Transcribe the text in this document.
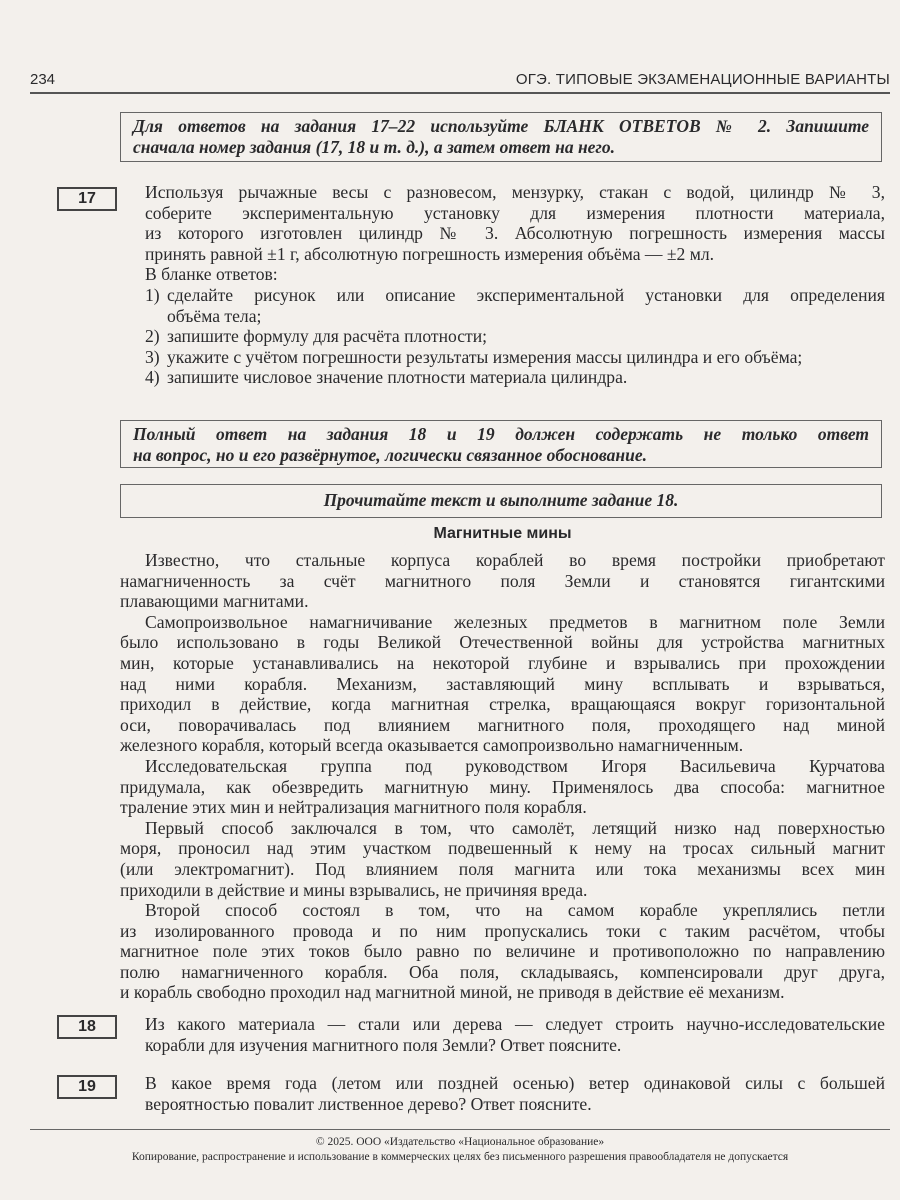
234	ОГЭ. ТИПОВЫЕ ЭКЗАМЕНАЦИОННЫЕ ВАРИАНТЫ
Для ответов на задания 17–22 используйте БЛАНК ОТВЕТОВ № 2. Запишите
сначала номер задания (17, 18 и т. д.), а затем ответ на него.
17	Используя рычажные весы с разновесом, мензурку, стакан с водой, цилиндр № 3,
соберите экспериментальную установку для измерения плотности материала,
из которого изготовлен цилиндр № 3. Абсолютную погрешность измерения массы
принять равной ±1 г, абсолютную погрешность измерения объёма — ±2 мл.
В бланке ответов:
1) сделайте рисунок или описание экспериментальной установки для определения
объёма тела;
2) запишите формулу для расчёта плотности;
3) укажите с учётом погрешности результаты измерения массы цилиндра и его объёма;
4) запишите числовое значение плотности материала цилиндра.
Полный ответ на задания 18 и 19 должен содержать не только ответ
на вопрос, но и его развёрнутое, логически связанное обоснование.
Прочитайте текст и выполните задание 18.
Магнитные мины
Известно, что стальные корпуса кораблей во время постройки приобретают
намагниченность за счёт магнитного поля Земли и становятся гигантскими
плавающими магнитами.
Самопроизвольное намагничивание железных предметов в магнитном поле Земли
было использовано в годы Великой Отечественной войны для устройства магнитных
мин, которые устанавливались на некоторой глубине и взрывались при прохождении
над ними корабля. Механизм, заставляющий мину всплывать и взрываться,
приходил в действие, когда магнитная стрелка, вращающаяся вокруг горизонтальной
оси, поворачивалась под влиянием магнитного поля, проходящего над миной
железного корабля, который всегда оказывается самопроизвольно намагниченным.
Исследовательская группа под руководством Игоря Васильевича Курчатова
придумала, как обезвредить магнитную мину. Применялось два способа: магнитное
траление этих мин и нейтрализация магнитного поля корабля.
Первый способ заключался в том, что самолёт, летящий низко над поверхностью
моря, проносил над этим участком подвешенный к нему на тросах сильный магнит
(или электромагнит). Под влиянием поля магнита или тока механизмы всех мин
приходили в действие и мины взрывались, не причиняя вреда.
Второй способ состоял в том, что на самом корабле укреплялись петли
из изолированного провода и по ним пропускались токи с таким расчётом, чтобы
магнитное поле этих токов было равно по величине и противоположно по направлению
полю намагниченного корабля. Оба поля, складываясь, компенсировали друг друга,
и корабль свободно проходил над магнитной миной, не приводя в действие её механизм.
18	Из какого материала — стали или дерева — следует строить научно-исследовательские
корабли для изучения магнитного поля Земли? Ответ поясните.
19	В какое время года (летом или поздней осенью) ветер одинаковой силы с большей
вероятностью повалит лиственное дерево? Ответ поясните.
© 2025. ООО «Издательство «Национальное образование»
Копирование, распространение и использование в коммерческих целях без письменного разрешения правообладателя не допускается
